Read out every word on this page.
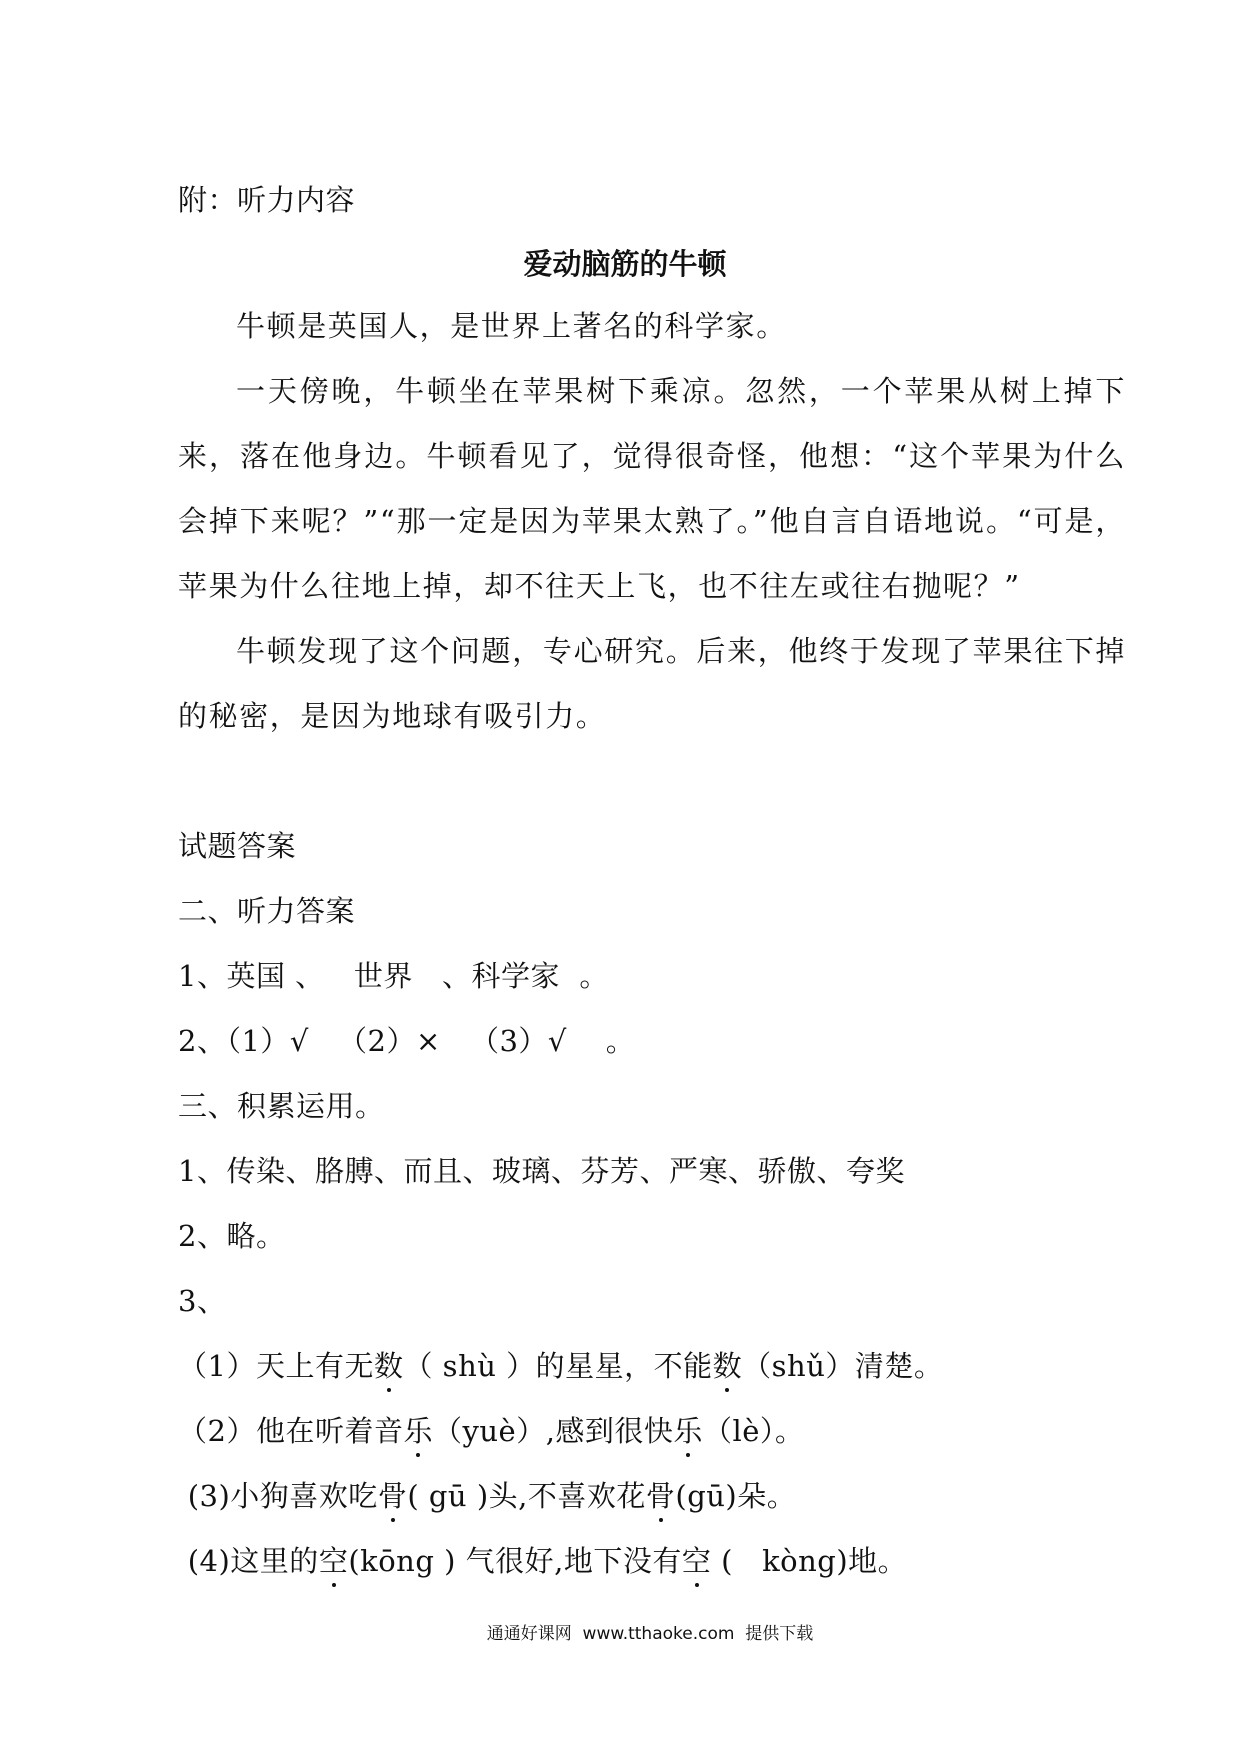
附：听力内容
爱动脑筋的牛顿
牛顿是英国人，是世界上著名的科学家。
一天傍晚，牛顿坐在苹果树下乘凉。忽然，一个苹果从树上掉下来，落在他身边。牛顿看见了，觉得很奇怪，他想：“这个苹果为什么会掉下来呢？”“那一定是因为苹果太熟了。”他自言自语地说。“可是，苹果为什么往地上掉，却不往天上飞，也不往左或往右抛呢？”
牛顿发现了这个问题，专心研究。后来，他终于发现了苹果往下掉的秘密，是因为地球有吸引力。
试题答案
二、听力答案
1、英国 、   世界   、科学家  。
2、（1）√   （2）×   （3）√    。
三、积累运用。
1、传染、胳膊、而且、玻璃、芬芳、严寒、骄傲、夸奖
2、略。
3、
（1）天上有无数（ shù ）的星星，不能数（shǔ）清楚。
（2）他在听着音乐（yuè）,感到很快乐（lè）。
(3)小狗喜欢吃骨( gū )头,不喜欢花骨(gū)朵。
(4)这里的空(kōng ) 气很好,地下没有空 (   kòng)地。
通通好课网  www.tthaoke.com  提供下载
